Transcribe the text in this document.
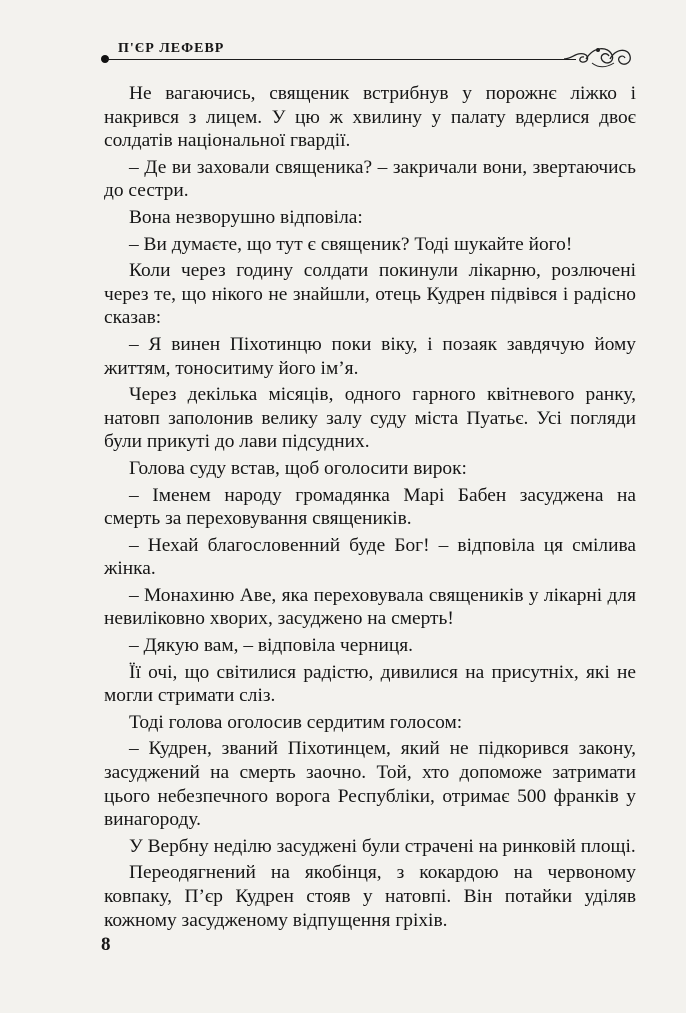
П'ЄР ЛЕФЕВР

Не вагаючись, священик встрибнув у порожнє ліжко і накрився з лицем. У цю ж хвилину у палату вдерлися двоє солдатів національної гвардії.

– Де ви заховали священика? – закричали вони, звертаючись до сестри.

Вона незворушно відповіла:

– Ви думаєте, що тут є священик? Тоді шукайте його!

Коли через годину солдати покинули лікарню, розлючені через те, що нікого не знайшли, отець Кудрен підвівся і радісно сказав:

– Я винен Піхотинцю поки віку, і позаяк завдячую йому життям, тоноситиму його ім’я.

Через декілька місяців, одного гарного квітневого ранку, натовп заполонив велику залу суду міста Пуатьє. Усі погляди були прикуті до лави підсудних.

Голова суду встав, щоб оголосити вирок:

– Іменем народу громадянка Марі Бабен засуджена на смерть за переховування священиків.

– Нехай благословенний буде Бог! – відповіла ця смілива жінка.

– Монахиню Аве, яка переховувала священиків у лікарні для невиліковно хворих, засуджено на смерть!

– Дякую вам, – відповіла черниця.

Її очі, що світилися радістю, дивилися на присутніх, які не могли стримати сліз.

Тоді голова оголосив сердитим голосом:

– Кудрен, званий Піхотинцем, який не підкорився закону, засуджений на смерть заочно. Той, хто допоможе затримати цього небезпечного ворога Республіки, отримає 500 франків у винагороду.

У Вербну неділю засуджені були страчені на ринковій площі.

Переодягнений на якобінця, з кокардою на червоному ковпаку, П’єр Кудрен стояв у натовпі. Він потайки уділяв кожному засудженому відпущення гріхів.

8
